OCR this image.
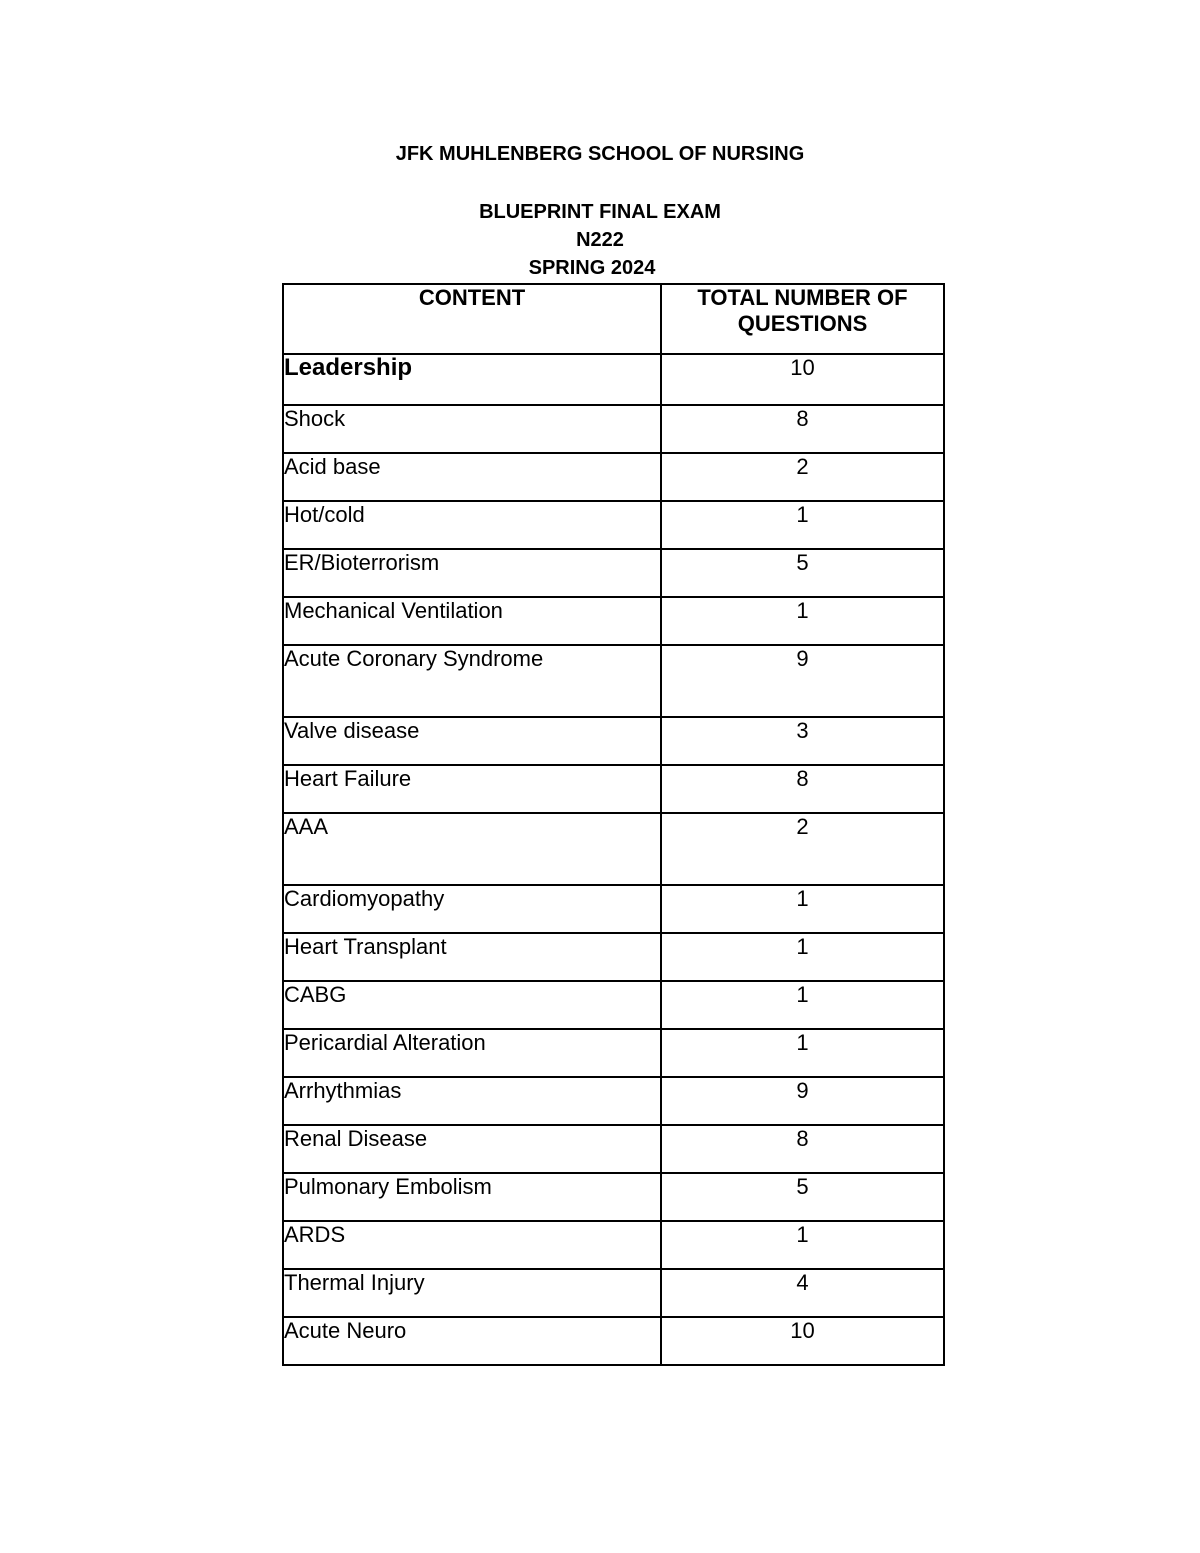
JFK MUHLENBERG SCHOOL OF NURSING
BLUEPRINT FINAL EXAM
N222
SPRING 2024
CONTENT	TOTAL NUMBER OF
QUESTIONS

Leadership	10
Shock	8
Acid base	2
Hot/cold	1
ER/Bioterrorism	5
Mechanical Ventilation	1
Acute Coronary Syndrome	9
Valve disease	3
Heart Failure	8
AAA	2
Cardiomyopathy	1
Heart Transplant	1
CABG	1
Pericardial Alteration	1
Arrhythmias	9
Renal Disease	8
Pulmonary Embolism	5
ARDS	1
Thermal Injury	4
Acute Neuro	10
